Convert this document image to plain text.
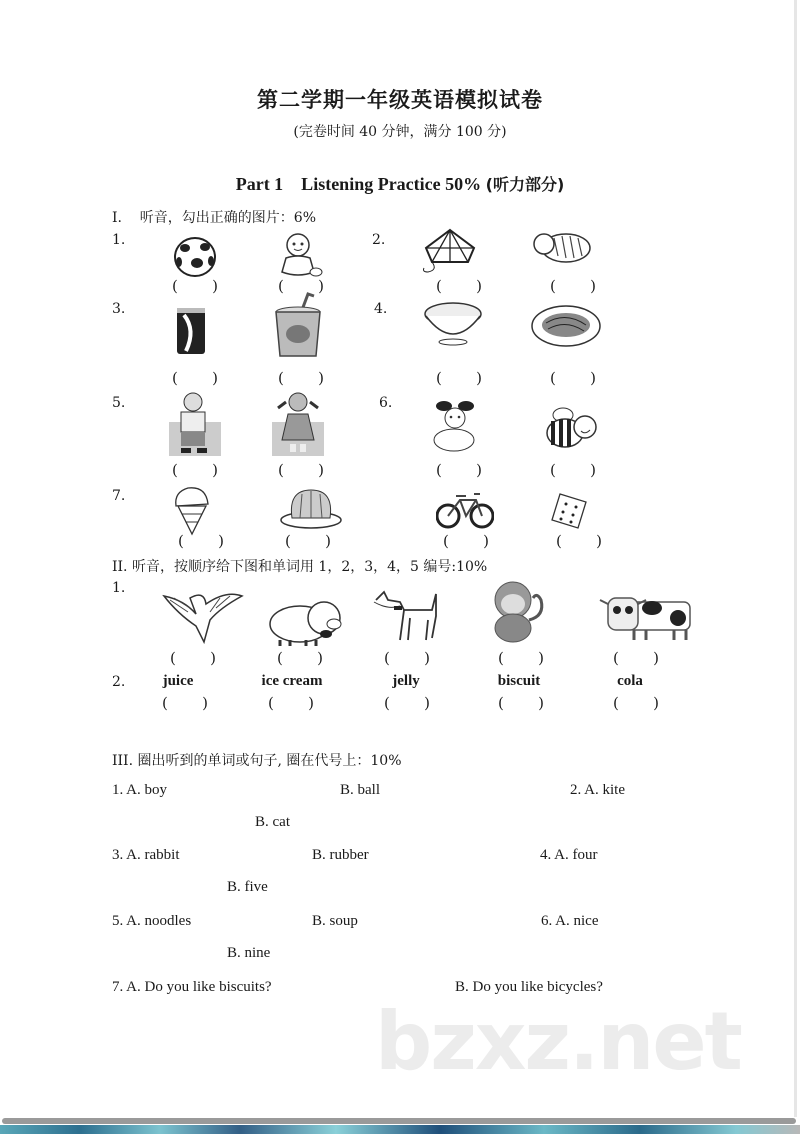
第二学期一年级英语模拟试卷
(完卷时间 40 分钟，满分 100 分)
Part 1    Listening Practice 50% (听力部分)
I.    听音，勾出正确的图片：6%
1.
( )	( )
2.
( )	( )
3.
( )	( )
4.
( )	( )
5.
( )	( )
6.
( )	( )
7.
( )	( )	( )	( )
II. 听音，按顺序给下图和单词用 1，2，3，4，5 编号:10%
1.
( )	( )	( )	( )	( )
2.	juice	ice cream	jelly	biscuit	cola
( )	( )	( )	( )	( )
III. 圈出听到的单词或句子, 圈在代号上：10%
1. A. boy	B. ball	2. A. kite
B. cat
3. A. rabbit	B. rubber	4. A. four
B. five
5. A. noodles	B. soup	6. A. nice
B. nine
7. A. Do you like biscuits?	B. Do you like bicycles?
bzxz.net
